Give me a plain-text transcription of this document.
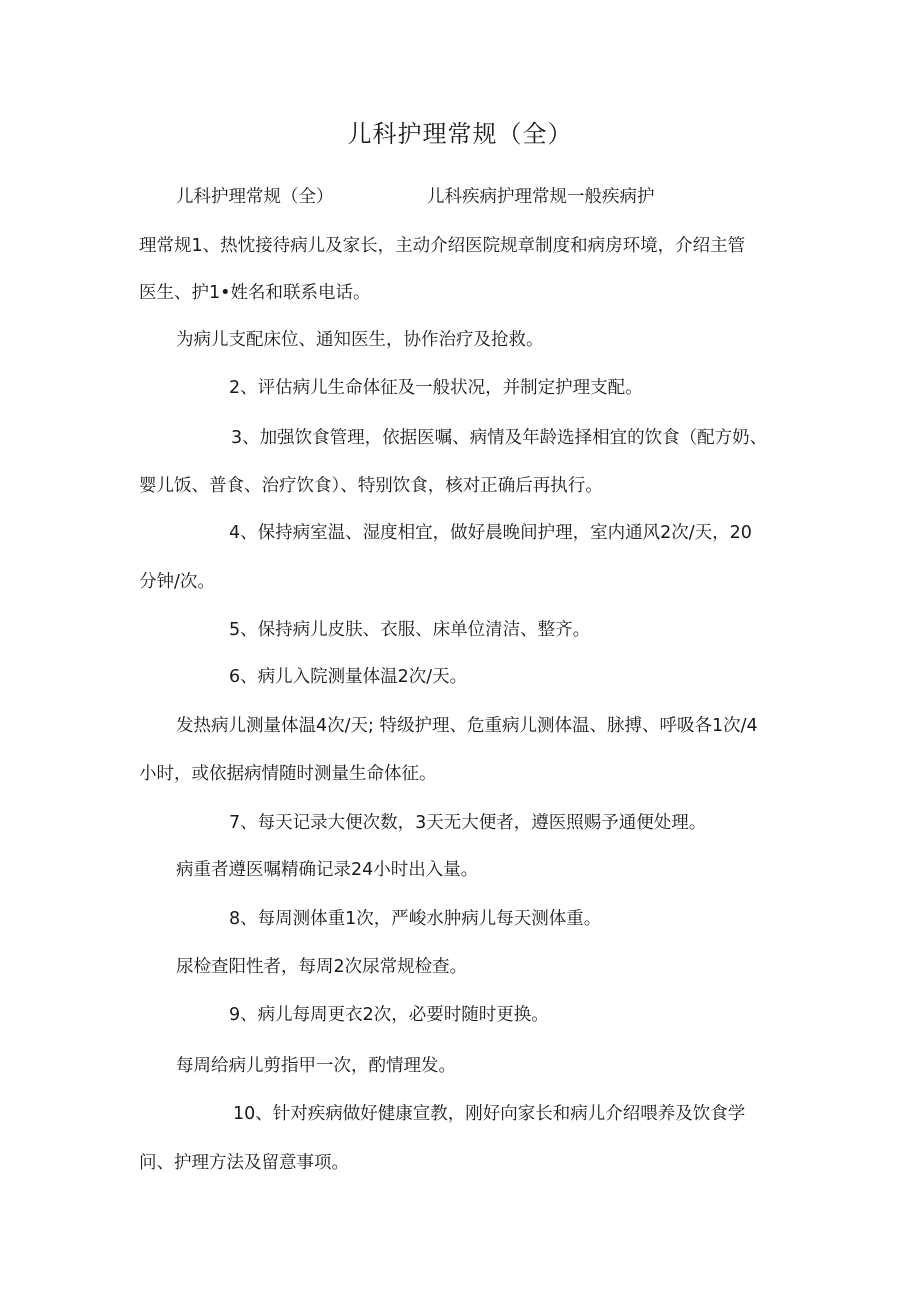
儿科护理常规（全）

儿科护理常规（全）	儿科疾病护理常规一般疾病护

理常规1、热忱接待病儿及家长，主动介绍医院规章制度和病房环境，介绍主管

医生、护1•姓名和联系电话。

为病儿支配床位、通知医生，协作治疗及抢救。

2、评估病儿生命体征及一般状况，并制定护理支配。

3、加强饮食管理，依据医嘱、病情及年龄选择相宜的饮食（配方奶、

婴儿饭、普食、治疗饮食）、特别饮食，核对正确后再执行。

4、保持病室温、湿度相宜，做好晨晚间护理，室内通风2次/天，20

分钟/次。

5、保持病儿皮肤、衣服、床单位清洁、整齐。

6、病儿入院测量体温2次/天。

发热病儿测量体温4次/天; 特级护理、危重病儿测体温、脉搏、呼吸各1次/4

小时，或依据病情随时测量生命体征。

7、每天记录大便次数，3天无大便者，遵医照赐予通便处理。

病重者遵医嘱精确记录24小时出入量。

8、每周测体重1次，严峻水肿病儿每天测体重。

尿检查阳性者，每周2次尿常规检查。

9、病儿每周更衣2次，必要时随时更换。

每周给病儿剪指甲一次，酌情理发。

10、针对疾病做好健康宣教，刚好向家长和病儿介绍喂养及饮食学

问、护理方法及留意事项。
